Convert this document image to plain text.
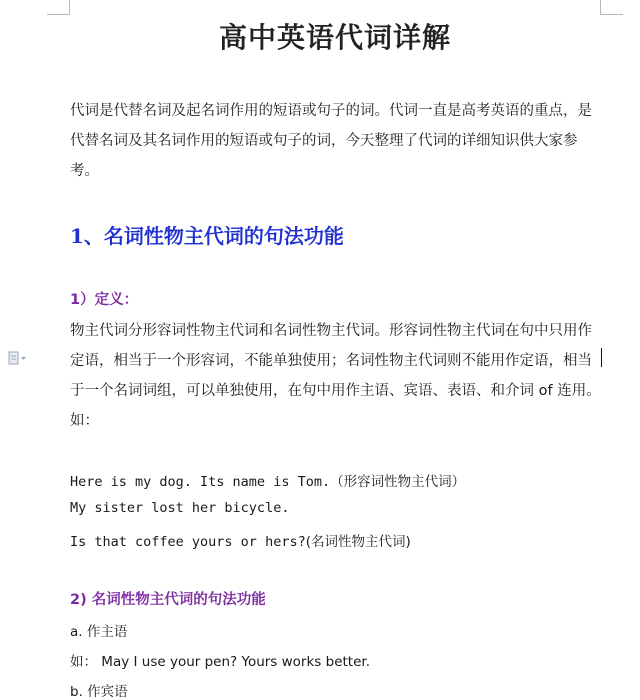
高中英语代词详解

代词是代替名词及起名词作用的短语或句子的词。代词一直是高考英语的重点，是代替名词及其名词作用的短语或句子的词，今天整理了代词的详细知识供大家参考。

1、名词性物主代词的句法功能
1）定义：

物主代词分形容词性物主代词和名词性物主代词。形容词性物主代词在句中只用作定语，相当于一个形容词，不能单独使用；名词性物主代词则不能用作定语，相当于一个名词词组，可以单独使用，在句中用作主语、宾语、表语、和介词 of 连用。如：

Here is my dog. Its name is Tom.（形容词性物主代词）

My sister lost her bicycle.

Is that coffee yours or hers?(名词性物主代词)

2) 名词性物主代词的句法功能

a. 作主语

如： May I use your pen? Yours works better.

b. 作宾语
